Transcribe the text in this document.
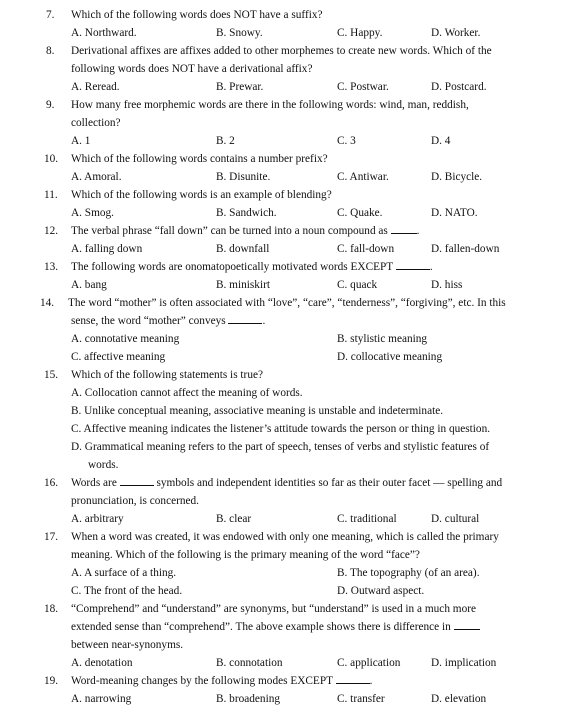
7. Which of the following words does NOT have a suffix?
A. Northward.	B. Snowy.	C. Happy.	D. Worker.
8. Derivational affixes are affixes added to other morphemes to create new words. Which of the
following words does NOT have a derivational affix?
A. Reread.	B. Prewar.	C. Postwar.	D. Postcard.
9. How many free morphemic words are there in the following words: wind, man, reddish,
collection?
A. 1	B. 2	C. 3	D. 4
10. Which of the following words contains a number prefix?
A. Amoral.	B. Disunite.	C. Antiwar.	D. Bicycle.
11. Which of the following words is an example of blending?
A. Smog.	B. Sandwich.	C. Quake.	D. NATO.
12. The verbal phrase “fall down” can be turned into a noun compound as	.
A. falling down	B. downfall	C. fall-down	D. fallen-down
13. The following words are onomatopoetically motivated words EXCEPT	.
A. bang	B. miniskirt	C. quack	D. hiss
14. The word “mother” is often associated with “love”, “care”, “tenderness”, “forgiving”, etc. In this
sense, the word “mother” conveys	.
A. connotative meaning	B. stylistic meaning
C. affective meaning	D. collocative meaning
15. Which of the following statements is true?
A. Collocation cannot affect the meaning of words.
B. Unlike conceptual meaning, associative meaning is unstable and indeterminate.
C. Affective meaning indicates the listener’s attitude towards the person or thing in question.
D. Grammatical meaning refers to the part of speech, tenses of verbs and stylistic features of
words.
16. Words are	symbols and independent identities so far as their outer facet — spelling and
pronunciation, is concerned.
A. arbitrary	B. clear	C. traditional	D. cultural
17. When a word was created, it was endowed with only one meaning, which is called the primary
meaning. Which of the following is the primary meaning of the word “face”?
A. A surface of a thing.	B. The topography (of an area).
C. The front of the head.	D. Outward aspect.
18. “Comprehend” and “understand” are synonyms, but “understand” is used in a much more
extended sense than “comprehend”. The above example shows there is difference in
between near-synonyms.
A. denotation	B. connotation	C. application	D. implication
19. Word-meaning changes by the following modes EXCEPT	.
A. narrowing	B. broadening	C. transfer	D. elevation
